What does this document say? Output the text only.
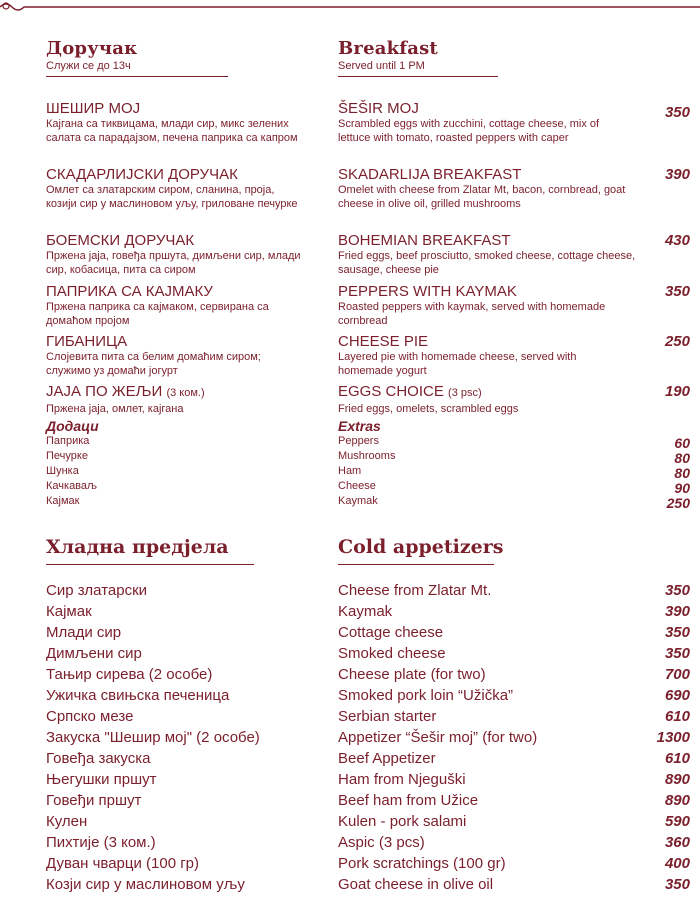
Доручак
Служи се до 13ч
Breakfast
Served until 1 PM
ШЕШИР МОЈ
Кајгана са тиквицама, млади сир, микс зелених салата са парадајзом, печена паприка са капром
ŠEŠIR MOJ
Scrambled eggs with zucchini, cottage cheese, mix of lettuce with tomato, roasted peppers with caper
350
СКАДАРЛИЈСКИ ДОРУЧАК
Омлет са златарским сиром, сланина, проја, козији сир у маслиновом уљу, гриловане печурке
SKADARLIJA BREAKFAST
Omelet with cheese from Zlatar Mt, bacon, cornbread, goat cheese in olive oil, grilled mushrooms
390
БОЕМСКИ ДОРУЧАК
Пржена јаја, говеђа пршута, димљени сир, млади сир, кобасица, пита са сиром
BOHEMIAN BREAKFAST
Fried eggs, beef prosciutto, smoked cheese, cottage cheese, sausage, cheese pie
430
ПАПРИКА СА КАЈМАКУ
Пржена паприка са кајмаком, сервирана са домаћом пројом
PEPPERS WITH KAYMAK
Roasted peppers with kaymak, served with homemade cornbread
350
ГИБАНИЦА
Слојевита пита са белим домаћим сиром; служимо уз домаћи јогурт
CHEESE PIE
Layered pie with homemade cheese, served with homemade yogurt
250
ЈАЈА ПО ЖЕЉИ (3 ком.)
Пржена јаја, омлет, кајгана
EGGS CHOICE (3 psc)
Fried eggs, omelets, scrambled eggs
190
Додаци
Паприка
Печурке
Шунка
Качкаваљ
Кајмак
Extras
Peppers
Mushrooms
Ham
Cheese
Kaymak
60
80
80
90
250
Хладна предјела	Cold appetizers
Сир златарски
Кајмак
Млади сир
Димљени сир
Тањир сирева (2 особе)
Ужичка свињска печеница
Српско мезе
Закуска "Шешир мој" (2 особе)
Говеђа закуска
Његушки пршут
Говеђи пршут
Кулен
Пихтије (3 ком.)
Дуван чварци (100 гр)
Козји сир у маслиновом уљу
Cheese from Zlatar Mt.
Kaymak
Cottage cheese
Smoked cheese
Cheese plate (for two)
Smoked pork loin “Užička”
Serbian starter
Appetizer “Šešir moj” (for two)
Beef Appetizer
Ham from Njeguški
Beef ham from Užice
Kulen - pork salami
Aspic (3 pcs)
Pork scratchings (100 gr)
Goat cheese in olive oil
350
390
350
350
700
690
610
1300
610
890
890
590
360
400
350
